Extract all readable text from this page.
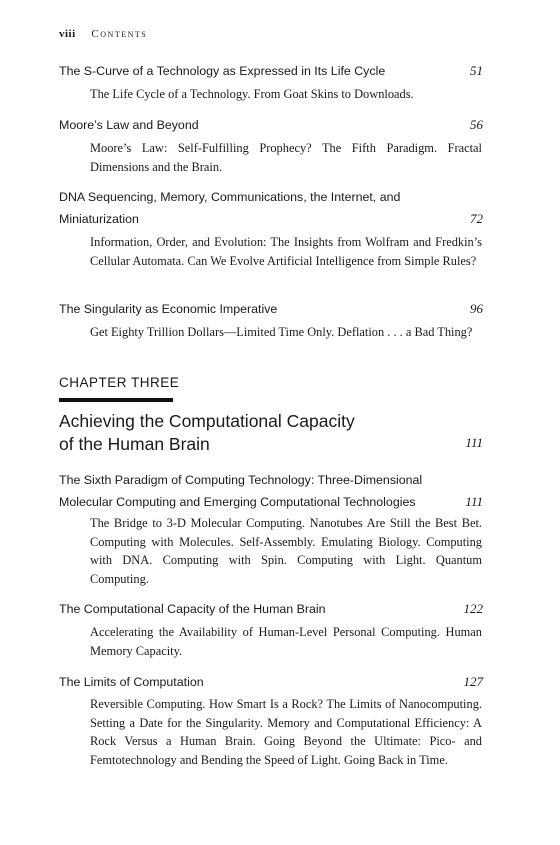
viii Contents
The S-Curve of a Technology as Expressed in Its Life Cycle	51
The Life Cycle of a Technology. From Goat Skins to Downloads.
Moore’s Law and Beyond	56
Moore’s Law: Self-Fulfilling Prophecy? The Fifth Paradigm. Fractal Dimensions and the Brain.
DNA Sequencing, Memory, Communications, the Internet, and
Miniaturization	72
Information, Order, and Evolution: The Insights from Wolfram and Fredkin’s Cellular Automata. Can We Evolve Artificial Intelligence from Simple Rules?
The Singularity as Economic Imperative	96
Get Eighty Trillion Dollars—Limited Time Only. Deflation . . . a Bad Thing?
CHAPTER THREE
Achieving the Computational Capacity
of the Human Brain	111
The Sixth Paradigm of Computing Technology: Three-Dimensional
Molecular Computing and Emerging Computational Technologies	111
The Bridge to 3-D Molecular Computing. Nanotubes Are Still the Best Bet. Computing with Molecules. Self-Assembly. Emulating Biology. Computing with DNA. Computing with Spin. Computing with Light. Quantum Computing.
The Computational Capacity of the Human Brain	122
Accelerating the Availability of Human-Level Personal Computing. Human Memory Capacity.
The Limits of Computation	127
Reversible Computing. How Smart Is a Rock? The Limits of Nanocomputing. Setting a Date for the Singularity. Memory and Computational Efficiency: A Rock Versus a Human Brain. Going Beyond the Ultimate: Pico- and Femtotechnology and Bending the Speed of Light. Going Back in Time.
